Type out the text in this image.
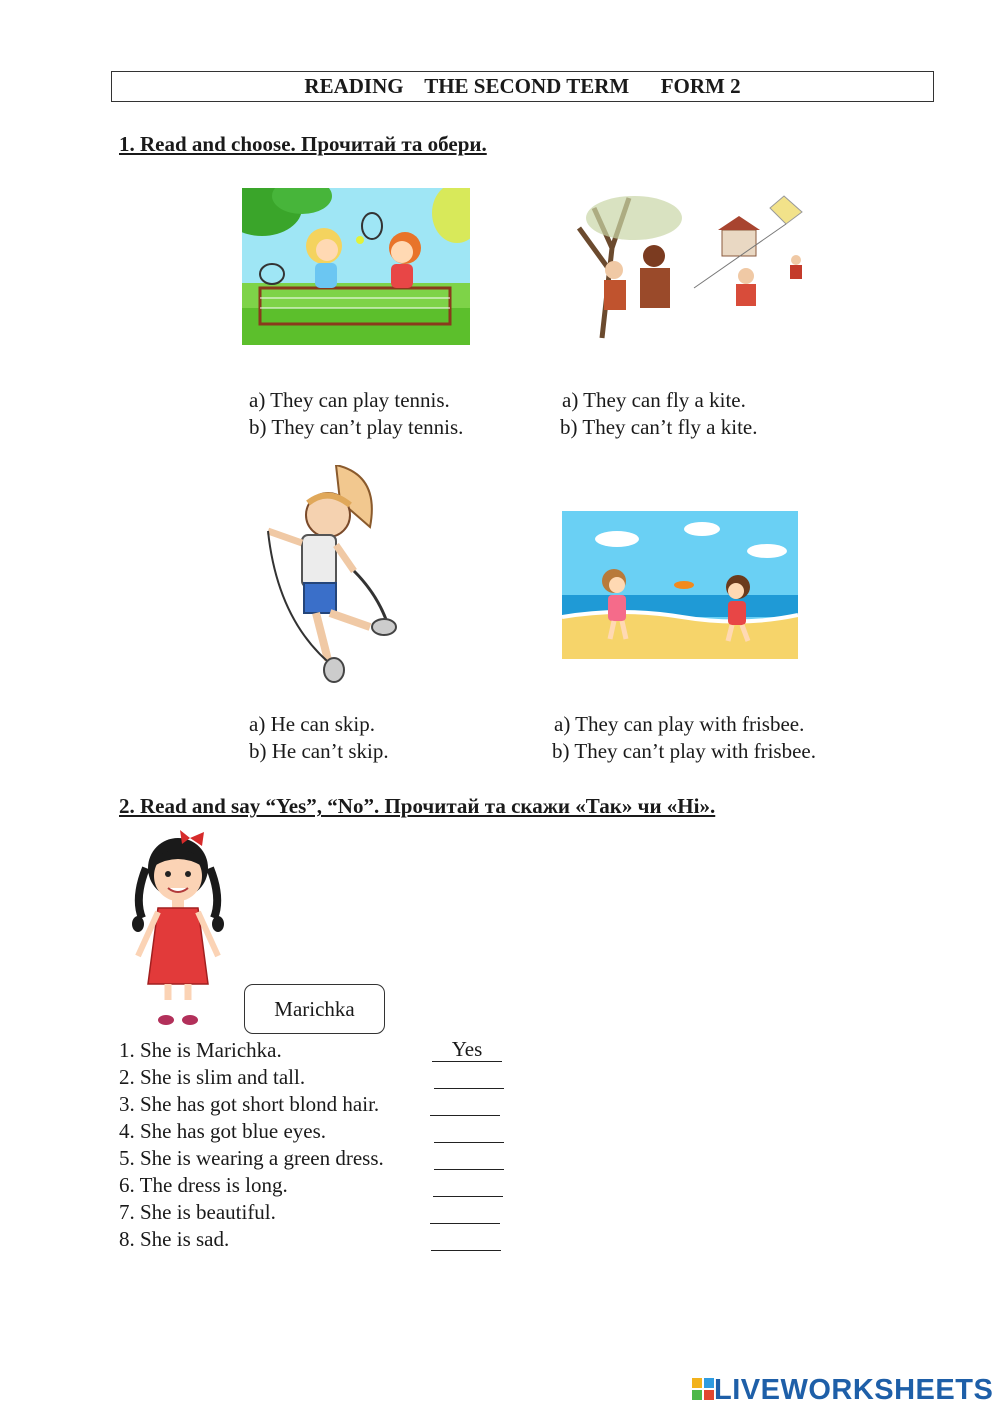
READING    THE SECOND TERM      FORM 2
1. Read and choose. Прочитай та обери.
a) They can play tennis.
b) They can’t play tennis.
a) They can fly a kite.
b) They can’t fly a kite.
a) He can skip.
b) He can’t skip.
a) They can play with frisbee.
b) They can’t play with frisbee.
2. Read and say “Yes”, “No”. Прочитай та скажи «Так» чи «Ні».
Marichka
1. She is Marichka.
2. She is slim and tall.
3. She has got short blond hair.
4. She has got blue eyes.
5. She is wearing a green dress.
6. The dress is long.
7. She is beautiful.
8. She is sad.
Yes
LIVEWORKSHEETS
